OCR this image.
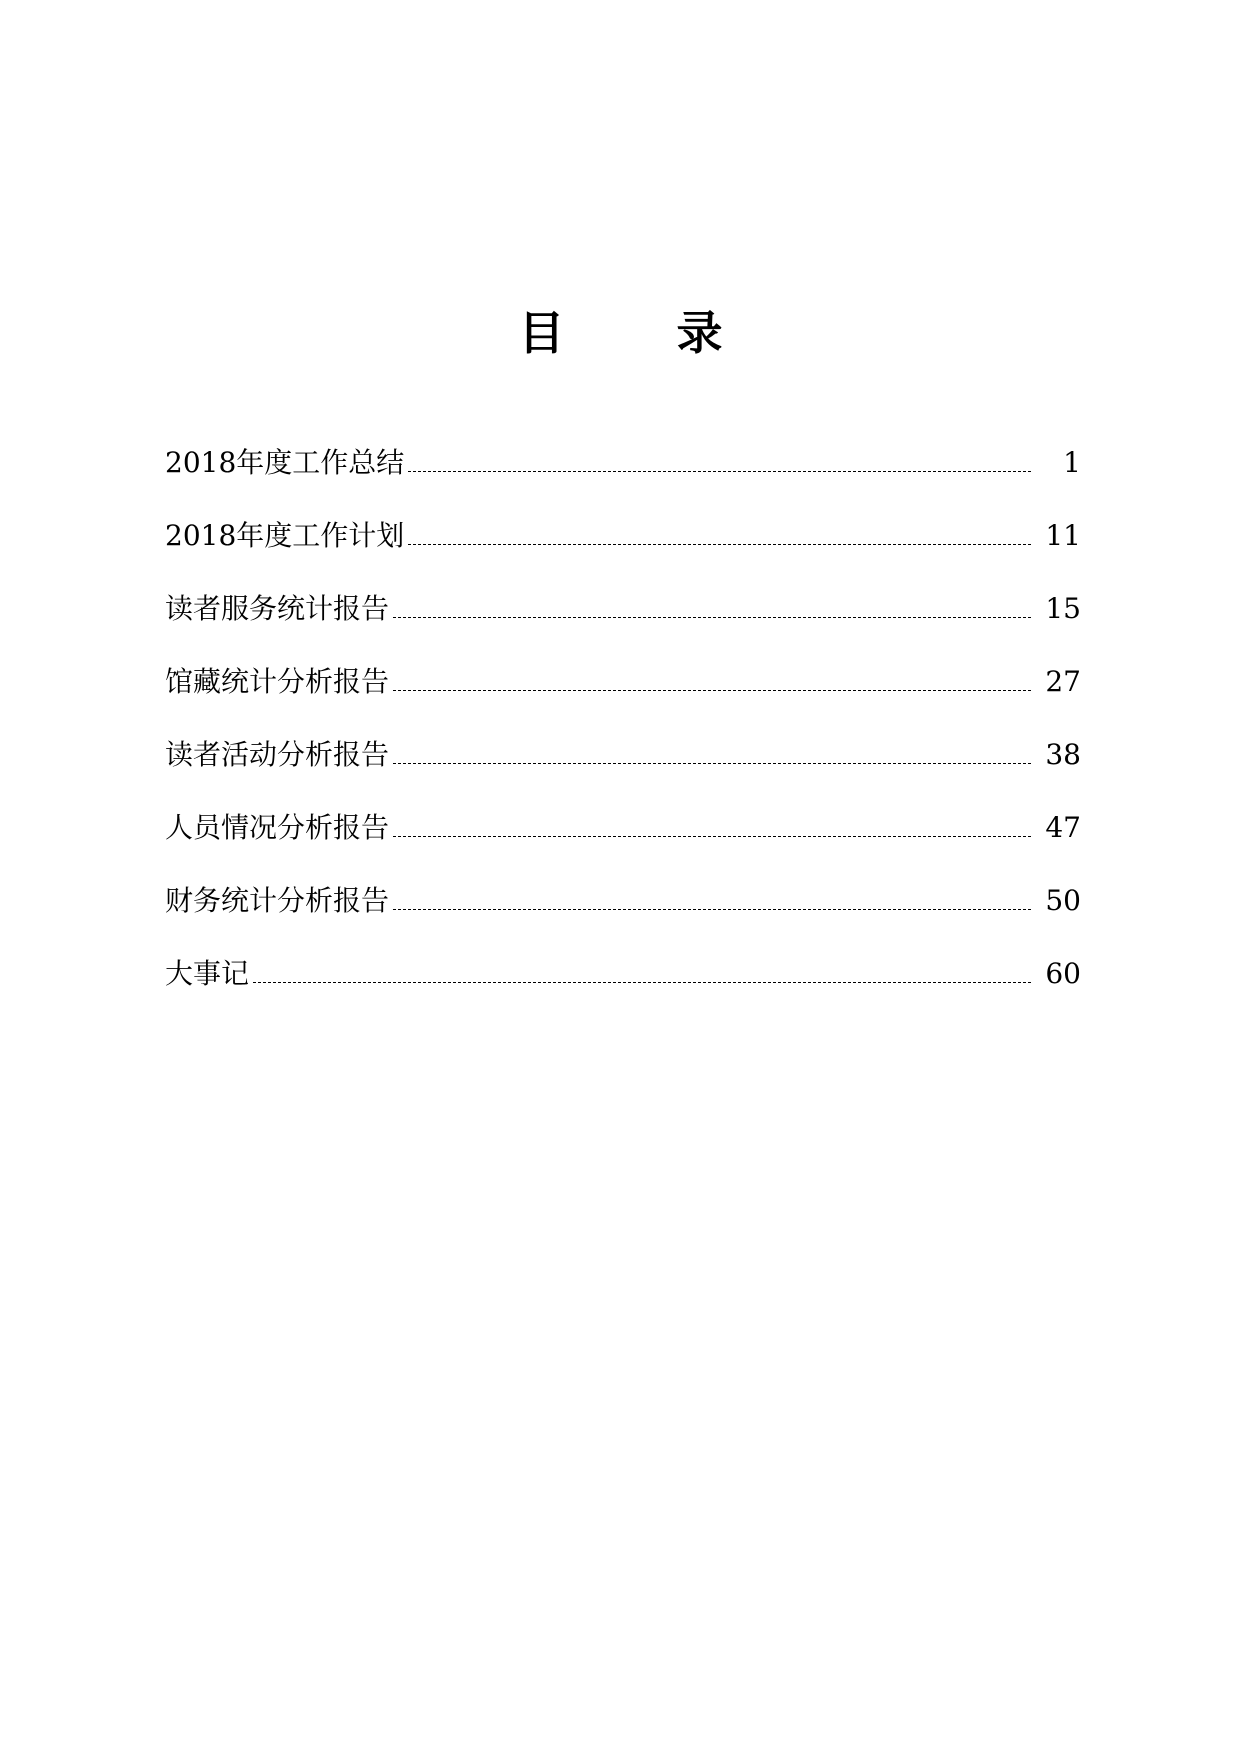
目 录
2018年度工作总结	1
2018年度工作计划	11
读者服务统计报告	15
馆藏统计分析报告	27
读者活动分析报告	38
人员情况分析报告	47
财务统计分析报告	50
大事记	60
